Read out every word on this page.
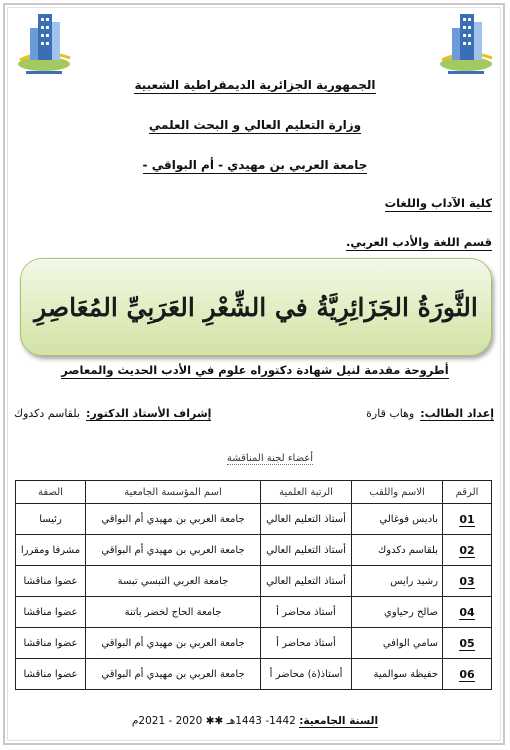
الجمهورية الجزائرية الديمقراطية الشعبية
وزارة التعليم العالي و البحث العلمي
جامعة العربي بن مهيدي - أم البواقي -
كلية الآداب واللغات
قسم اللغة والأدب العربي.
الثَّورَةُ الجَزَائِرِيَّةُ في الشِّعْرِ العَرَبِيِّ المُعَاصِرِ
أطروحة مقدمة لنيل شهادة دكتوراه علوم في الأدب الحديث والمعاصر
إعداد الطالب:وهاب قارة
إشراف الأستاذ الدكتور:بلقاسم دكدوك
أعضاء لجنة المناقشة
الرقم	الاسم واللقب	الرتبة العلمية	اسم المؤسسة الجامعية	الصفة
01	باديس فوغالي	أستاذ التعليم العالي	جامعة العربي بن مهيدي أم البواقي	رئيسا
02	بلقاسم دكدوك	أستاذ التعليم العالي	جامعة العربي بن مهيدي أم البواقي	مشرفا ومقررا
03	رشيد رايس	أستاذ التعليم العالي	جامعة العربي التبسي تبسة	عضوا مناقشا
04	صالح رحياوي	أستاذ محاضر أ	جامعة الحاج لخضر باتنة	عضوا مناقشا
05	سامي الوافي	أستاذ محاضر أ	جامعة العربي بن مهيدي أم البواقي	عضوا مناقشا
06	حفيظة سوالمية	أستاذ(ة) محاضر أ	جامعة العربي بن مهيدي أم البواقي	عضوا مناقشا
السنة الجامعية: 1442- 1443هـ ✱✱ 2020 - 2021م
